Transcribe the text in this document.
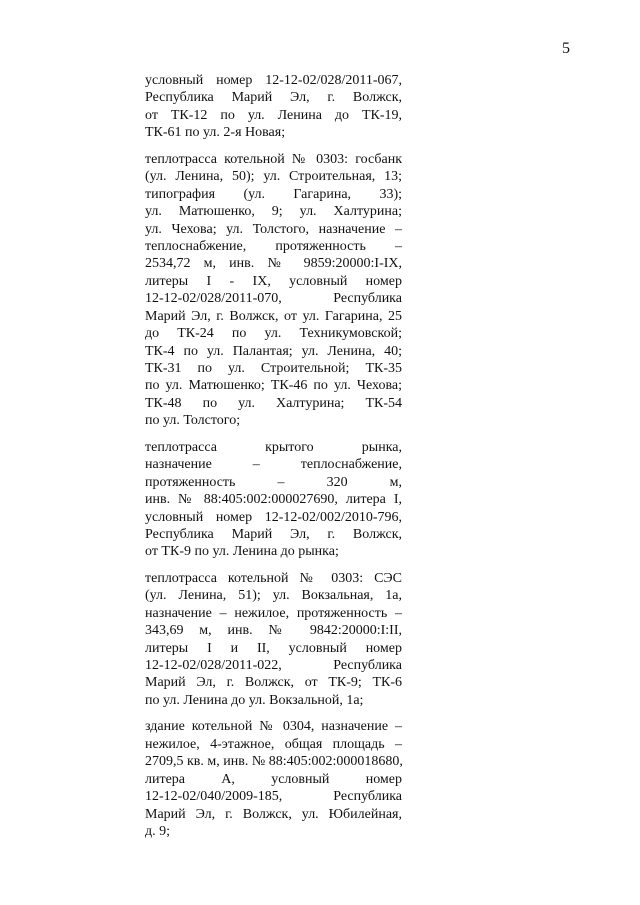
5
условный номер 12-12-02/028/2011-067,
Республика Марий Эл, г. Волжск,
от ТК-12 по ул. Ленина до ТК-19,
ТК-61 по ул. 2-я Новая;
теплотрасса котельной № 0303: госбанк
(ул. Ленина, 50); ул. Строительная, 13;
типография (ул. Гагарина, 33);
ул. Матюшенко, 9; ул. Халтурина;
ул. Чехова; ул. Толстого, назначение –
теплоснабжение, протяженность –
2534,72 м, инв. № 9859:20000:I-IX,
литеры I - IX, условный номер
12-12-02/028/2011-070, Республика
Марий Эл, г. Волжск, от ул. Гагарина, 25
до ТК-24 по ул. Техникумовской;
ТК-4 по ул. Палантая; ул. Ленина, 40;
ТК-31 по ул. Строительной; ТК-35
по ул. Матюшенко; ТК-46 по ул. Чехова;
ТК-48 по ул. Халтурина; ТК-54
по ул. Толстого;
теплотрасса крытого рынка,
назначение – теплоснабжение,
протяженность – 320 м,
инв. № 88:405:002:000027690, литера I,
условный номер 12-12-02/002/2010-796,
Республика Марий Эл, г. Волжск,
от ТК-9 по ул. Ленина до рынка;
теплотрасса котельной № 0303: СЭС
(ул. Ленина, 51); ул. Вокзальная, 1а,
назначение – нежилое, протяженность –
343,69 м, инв. № 9842:20000:I:II,
литеры I и II, условный номер
12-12-02/028/2011-022, Республика
Марий Эл, г. Волжск, от ТК-9; ТК-6
по ул. Ленина до ул. Вокзальной, 1а;
здание котельной № 0304, назначение –
нежилое, 4-этажное, общая площадь –
2709,5 кв. м, инв. № 88:405:002:000018680,
литера А, условный номер
12-12-02/040/2009-185, Республика
Марий Эл, г. Волжск, ул. Юбилейная,
д. 9;
